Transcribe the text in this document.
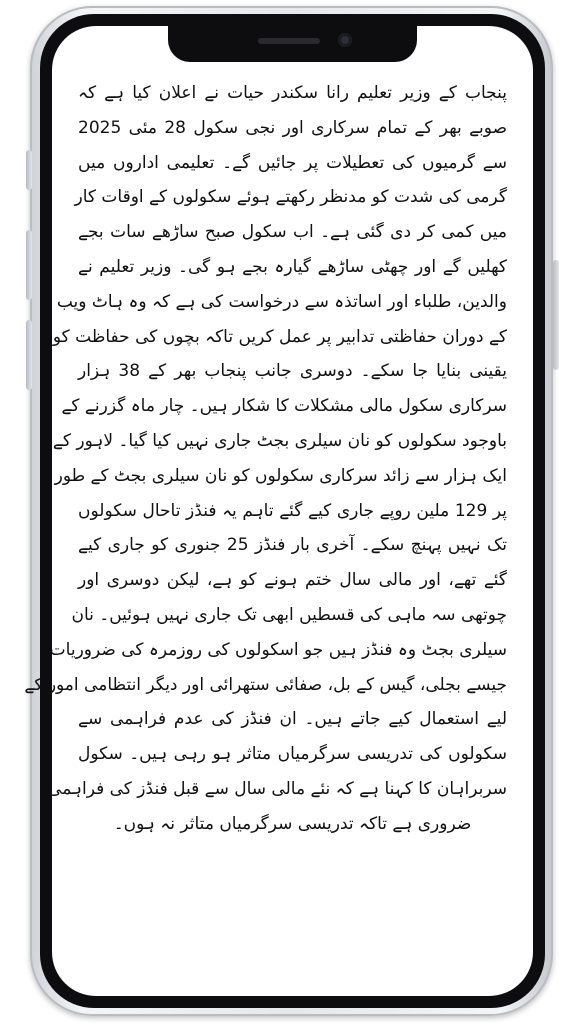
پنجاب کے وزیر تعلیم رانا سکندر حیات نے اعلان کیا ہے کہ
صوبے بھر کے تمام سرکاری اور نجی سکول 28 مئی 2025
سے گرمیوں کی تعطیلات پر جائیں گے۔ تعلیمی اداروں میں
گرمی کی شدت کو مدنظر رکھتے ہوئے سکولوں کے اوقات کار
میں کمی کر دی گئی ہے۔ اب سکول صبح ساڑھے سات بجے
کھلیں گے اور چھٹی ساڑھے گیارہ بجے ہو گی۔ وزیر تعلیم نے
والدین، طلباء اور اساتذہ سے درخواست کی ہے کہ وہ ہاٹ ویب
کے دوران حفاظتی تدابیر پر عمل کریں تاکہ بچوں کی حفاظت کو
یقینی بنایا جا سکے۔ دوسری جانب پنجاب بھر کے 38 ہزار
سرکاری سکول مالی مشکلات کا شکار ہیں۔ چار ماہ گزرنے کے
باوجود سکولوں کو نان سیلری بجٹ جاری نہیں کیا گیا۔ لاہور کے
ایک ہزار سے زائد سرکاری سکولوں کو نان سیلری بجٹ کے طور
پر 129 ملین روپے جاری کیے گئے تاہم یہ فنڈز تاحال سکولوں
تک نہیں پہنچ سکے۔ آخری بار فنڈز 25 جنوری کو جاری کیے
گئے تھے، اور مالی سال ختم ہونے کو ہے، لیکن دوسری اور
چوتھی سہ ماہی کی قسطیں ابھی تک جاری نہیں ہوئیں۔ نان
سیلری بجٹ وہ فنڈز ہیں جو اسکولوں کی روزمرہ کی ضروریات
جیسے بجلی، گیس کے بل، صفائی ستھرائی اور دیگر انتظامی امور کے
لیے استعمال کیے جاتے ہیں۔ ان فنڈز کی عدم فراہمی سے
سکولوں کی تدریسی سرگرمیاں متاثر ہو رہی ہیں۔ سکول
سربراہان کا کہنا ہے کہ نئے مالی سال سے قبل فنڈز کی فراہمی
ضروری ہے تاکہ تدریسی سرگرمیاں متاثر نہ ہوں۔
